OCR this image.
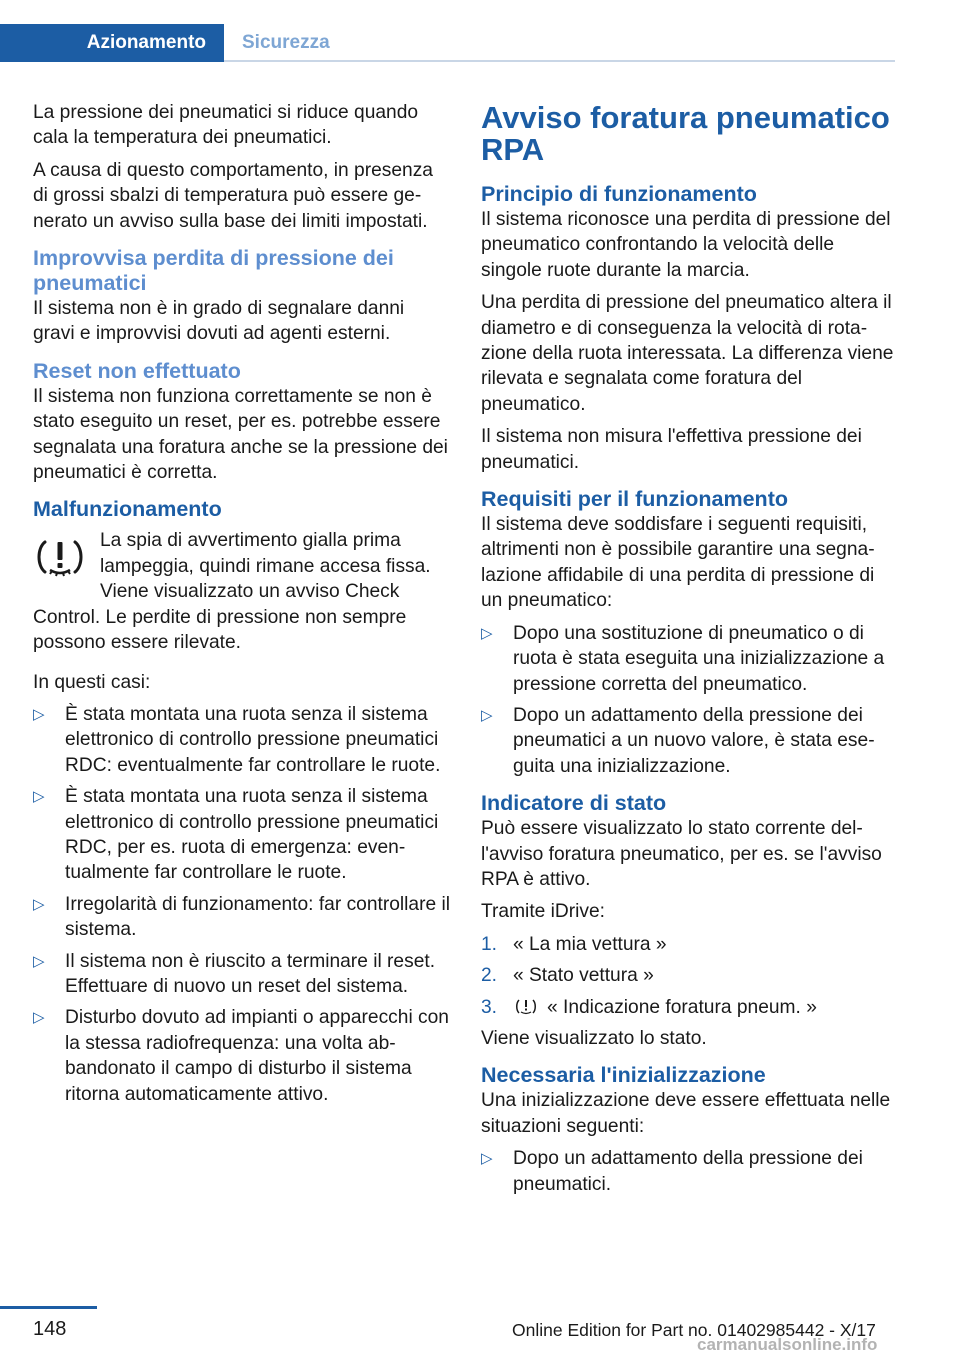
Azionamento	Sicurezza

La pressione dei pneumatici si riduce quando cala la temperatura dei pneumatici.

A causa di questo comportamento, in presenza di grossi sbalzi di temperatura può essere generato un avviso sulla base dei limiti impostati.

Improvvisa perdita di pressione dei pneumatici

Il sistema non è in grado di segnalare danni gravi e improvvisi dovuti ad agenti esterni.

Reset non effettuato

Il sistema non funziona correttamente se non è stato eseguito un reset, per es. potrebbe essere segnalata una foratura anche se la pressione dei pneumatici è corretta.

Malfunzionamento

La spia di avvertimento gialla prima lampeggia, quindi rimane accesa fissa. Viene visualizzato un avviso Check

Control. Le perdite di pressione non sempre possono essere rilevate.

In questi casi:

▷ È stata montata una ruota senza il sistema elettronico di controllo pressione pneumatici RDC: eventualmente far controllare le ruote.
▷ È stata montata una ruota senza il sistema elettronico di controllo pressione pneumatici RDC, per es. ruota di emergenza: eventualmente far controllare le ruote.
▷ Irregolarità di funzionamento: far controllare il sistema.
▷ Il sistema non è riuscito a terminare il reset. Effettuare di nuovo un reset del sistema.
▷ Disturbo dovuto ad impianti o apparecchi con la stessa radiofrequenza: una volta abbandonato il campo di disturbo il sistema ritorna automaticamente attivo.
Avviso foratura pneumatico RPA
Principio di funzionamento

Il sistema riconosce una perdita di pressione del pneumatico confrontando la velocità delle singole ruote durante la marcia.

Una perdita di pressione del pneumatico altera il diametro e di conseguenza la velocità di rotazione della ruota interessata. La differenza viene rilevata e segnalata come foratura del pneumatico.

Il sistema non misura l'effettiva pressione dei pneumatici.

Requisiti per il funzionamento

Il sistema deve soddisfare i seguenti requisiti, altrimenti non è possibile garantire una segnalazione affidabile di una perdita di pressione di un pneumatico:

▷ Dopo una sostituzione di pneumatico o di ruota è stata eseguita una inizializzazione a pressione corretta del pneumatico.
▷ Dopo un adattamento della pressione dei pneumatici a un nuovo valore, è stata eseguita una inizializzazione.
Indicatore di stato

Può essere visualizzato lo stato corrente dell'avviso foratura pneumatico, per es. se l'avviso RPA è attivo.

Tramite iDrive:

1. « La mia vettura »
2. « Stato vettura »
3.	« Indicazione foratura pneum. »

Viene visualizzato lo stato.

Necessaria l'inizializzazione

Una inizializzazione deve essere effettuata nelle situazioni seguenti:

▷ Dopo un adattamento della pressione dei pneumatici.
148	Online Edition for Part no. 01402985442 - X/17
carmanualsonline.info
